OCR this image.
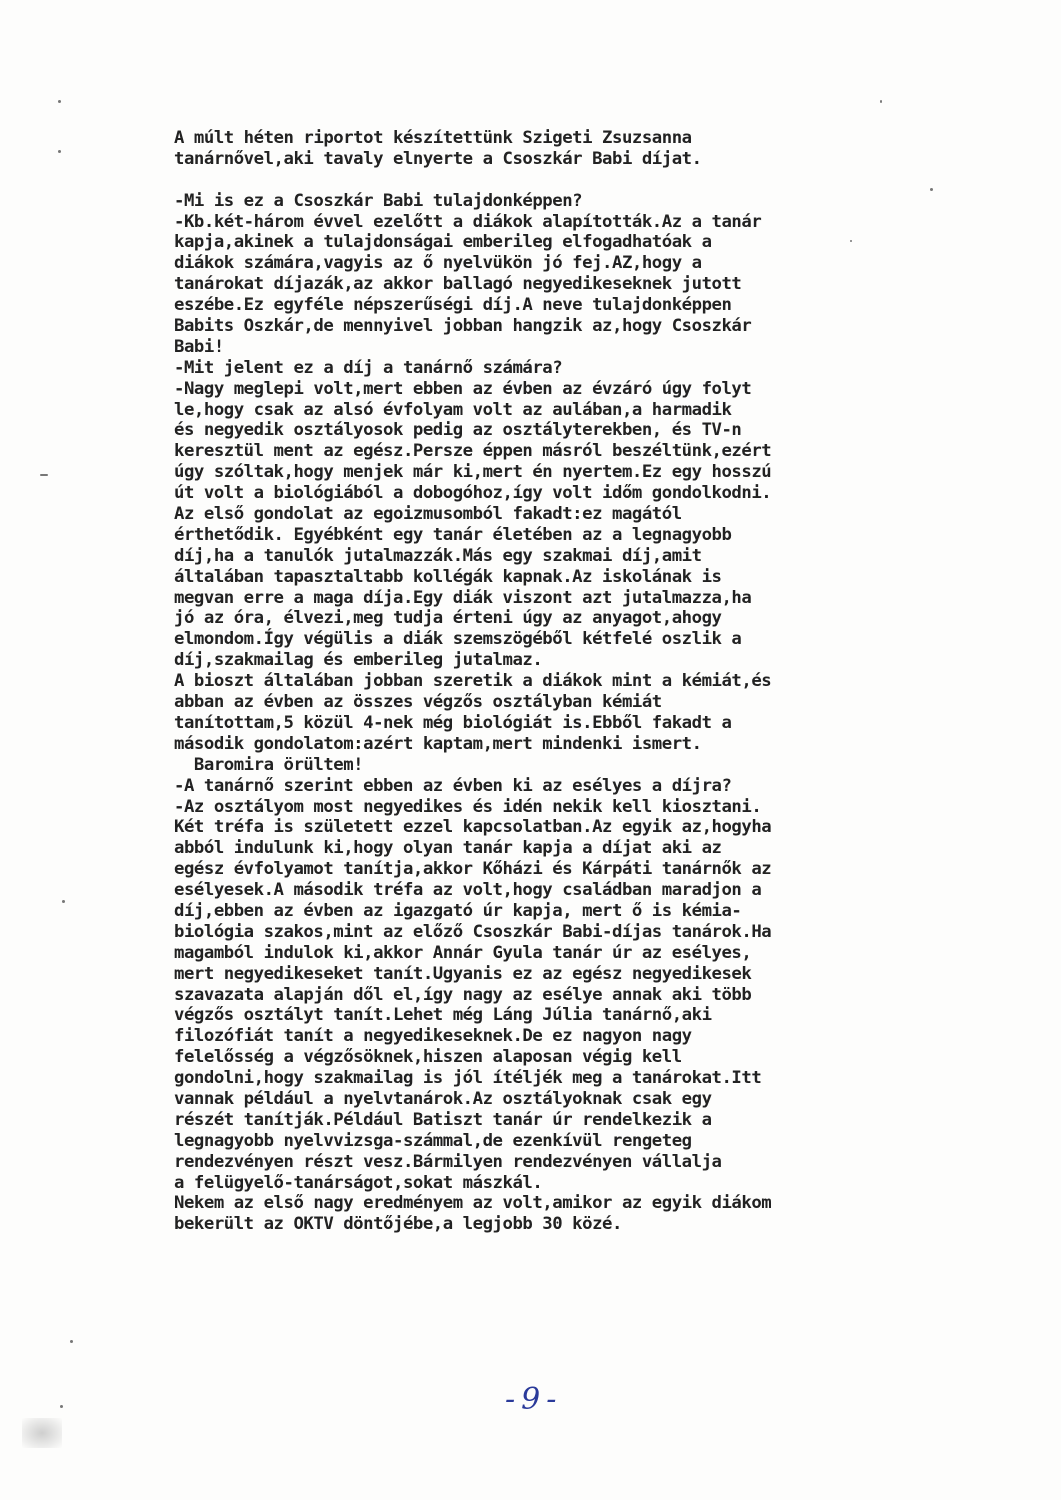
A múlt héten riportot készítettünk Szigeti Zsuzsanna
tanárnővel,aki tavaly elnyerte a Csoszkár Babi díjat.
-Mi is ez a Csoszkár Babi tulajdonképpen?
-Kb.két-három évvel ezelőtt a diákok alapították.Az a tanár
kapja,akinek a tulajdonságai emberileg elfogadhatóak a
diákok számára,vagyis az ő nyelvükön jó fej.AZ,hogy a
tanárokat díjazák,az akkor ballagó negyedikeseknek jutott
eszébe.Ez egyféle népszerűségi díj.A neve tulajdonképpen
Babits Oszkár,de mennyivel jobban hangzik az,hogy Csoszkár
Babi!
-Mit jelent ez a díj a tanárnő számára?
-Nagy meglepi volt,mert ebben az évben az évzáró úgy folyt
le,hogy csak az alsó évfolyam volt az aulában,a harmadik
és negyedik osztályosok pedig az osztályterekben, és TV-n
keresztül ment az egész.Persze éppen másról beszéltünk,ezért
úgy szóltak,hogy menjek már ki,mert én nyertem.Ez egy hosszú
út volt a biológiából a dobogóhoz,így volt időm gondolkodni.
Az első gondolat az egoizmusomból fakadt:ez magától
érthetődik. Egyébként egy tanár életében az a legnagyobb
díj,ha a tanulók jutalmazzák.Más egy szakmai díj,amit
általában tapasztaltabb kollégák kapnak.Az iskolának is
megvan erre a maga díja.Egy diák viszont azt jutalmazza,ha
jó az óra, élvezi,meg tudja érteni úgy az anyagot,ahogy
elmondom.Így végülis a diák szemszögéből kétfelé oszlik a
díj,szakmailag és emberileg jutalmaz.
A bioszt általában jobban szeretik a diákok mint a kémiát,és
abban az évben az összes végzős osztályban kémiát
tanítottam,5 közül 4-nek még biológiát is.Ebből fakadt a
második gondolatom:azért kaptam,mert mindenki ismert.
Baromira örültem!
-A tanárnő szerint ebben az évben ki az esélyes a díjra?
-Az osztályom most negyedikes és idén nekik kell kiosztani.
Két tréfa is született ezzel kapcsolatban.Az egyik az,hogyha
abból indulunk ki,hogy olyan tanár kapja a díjat aki az
egész évfolyamot tanítja,akkor Kőházi és Kárpáti tanárnők az
esélyesek.A második tréfa az volt,hogy családban maradjon a
díj,ebben az évben az igazgató úr kapja, mert ő is kémia-
biológia szakos,mint az előző Csoszkár Babi-díjas tanárok.Ha
magamból indulok ki,akkor Annár Gyula tanár úr az esélyes,
mert negyedikeseket tanít.Ugyanis ez az egész negyedikesek
szavazata alapján dől el,így nagy az esélye annak aki több
végzős osztályt tanít.Lehet még Láng Júlia tanárnő,aki
filozófiát tanít a negyedikeseknek.De ez nagyon nagy
felelősség a végzősöknek,hiszen alaposan végig kell
gondolni,hogy szakmailag is jól ítéljék meg a tanárokat.Itt
vannak például a nyelvtanárok.Az osztályoknak csak egy
részét tanítják.Például Batiszt tanár úr rendelkezik a
legnagyobb nyelvvizsga-számmal,de ezenkívül rengeteg
rendezvényen részt vesz.Bármilyen rendezvényen vállalja
a felügyelő-tanárságot,sokat mászkál.
Nekem az első nagy eredményem az volt,amikor az egyik diákom
bekerült az OKTV döntőjébe,a legjobb 30 közé.
-9-
